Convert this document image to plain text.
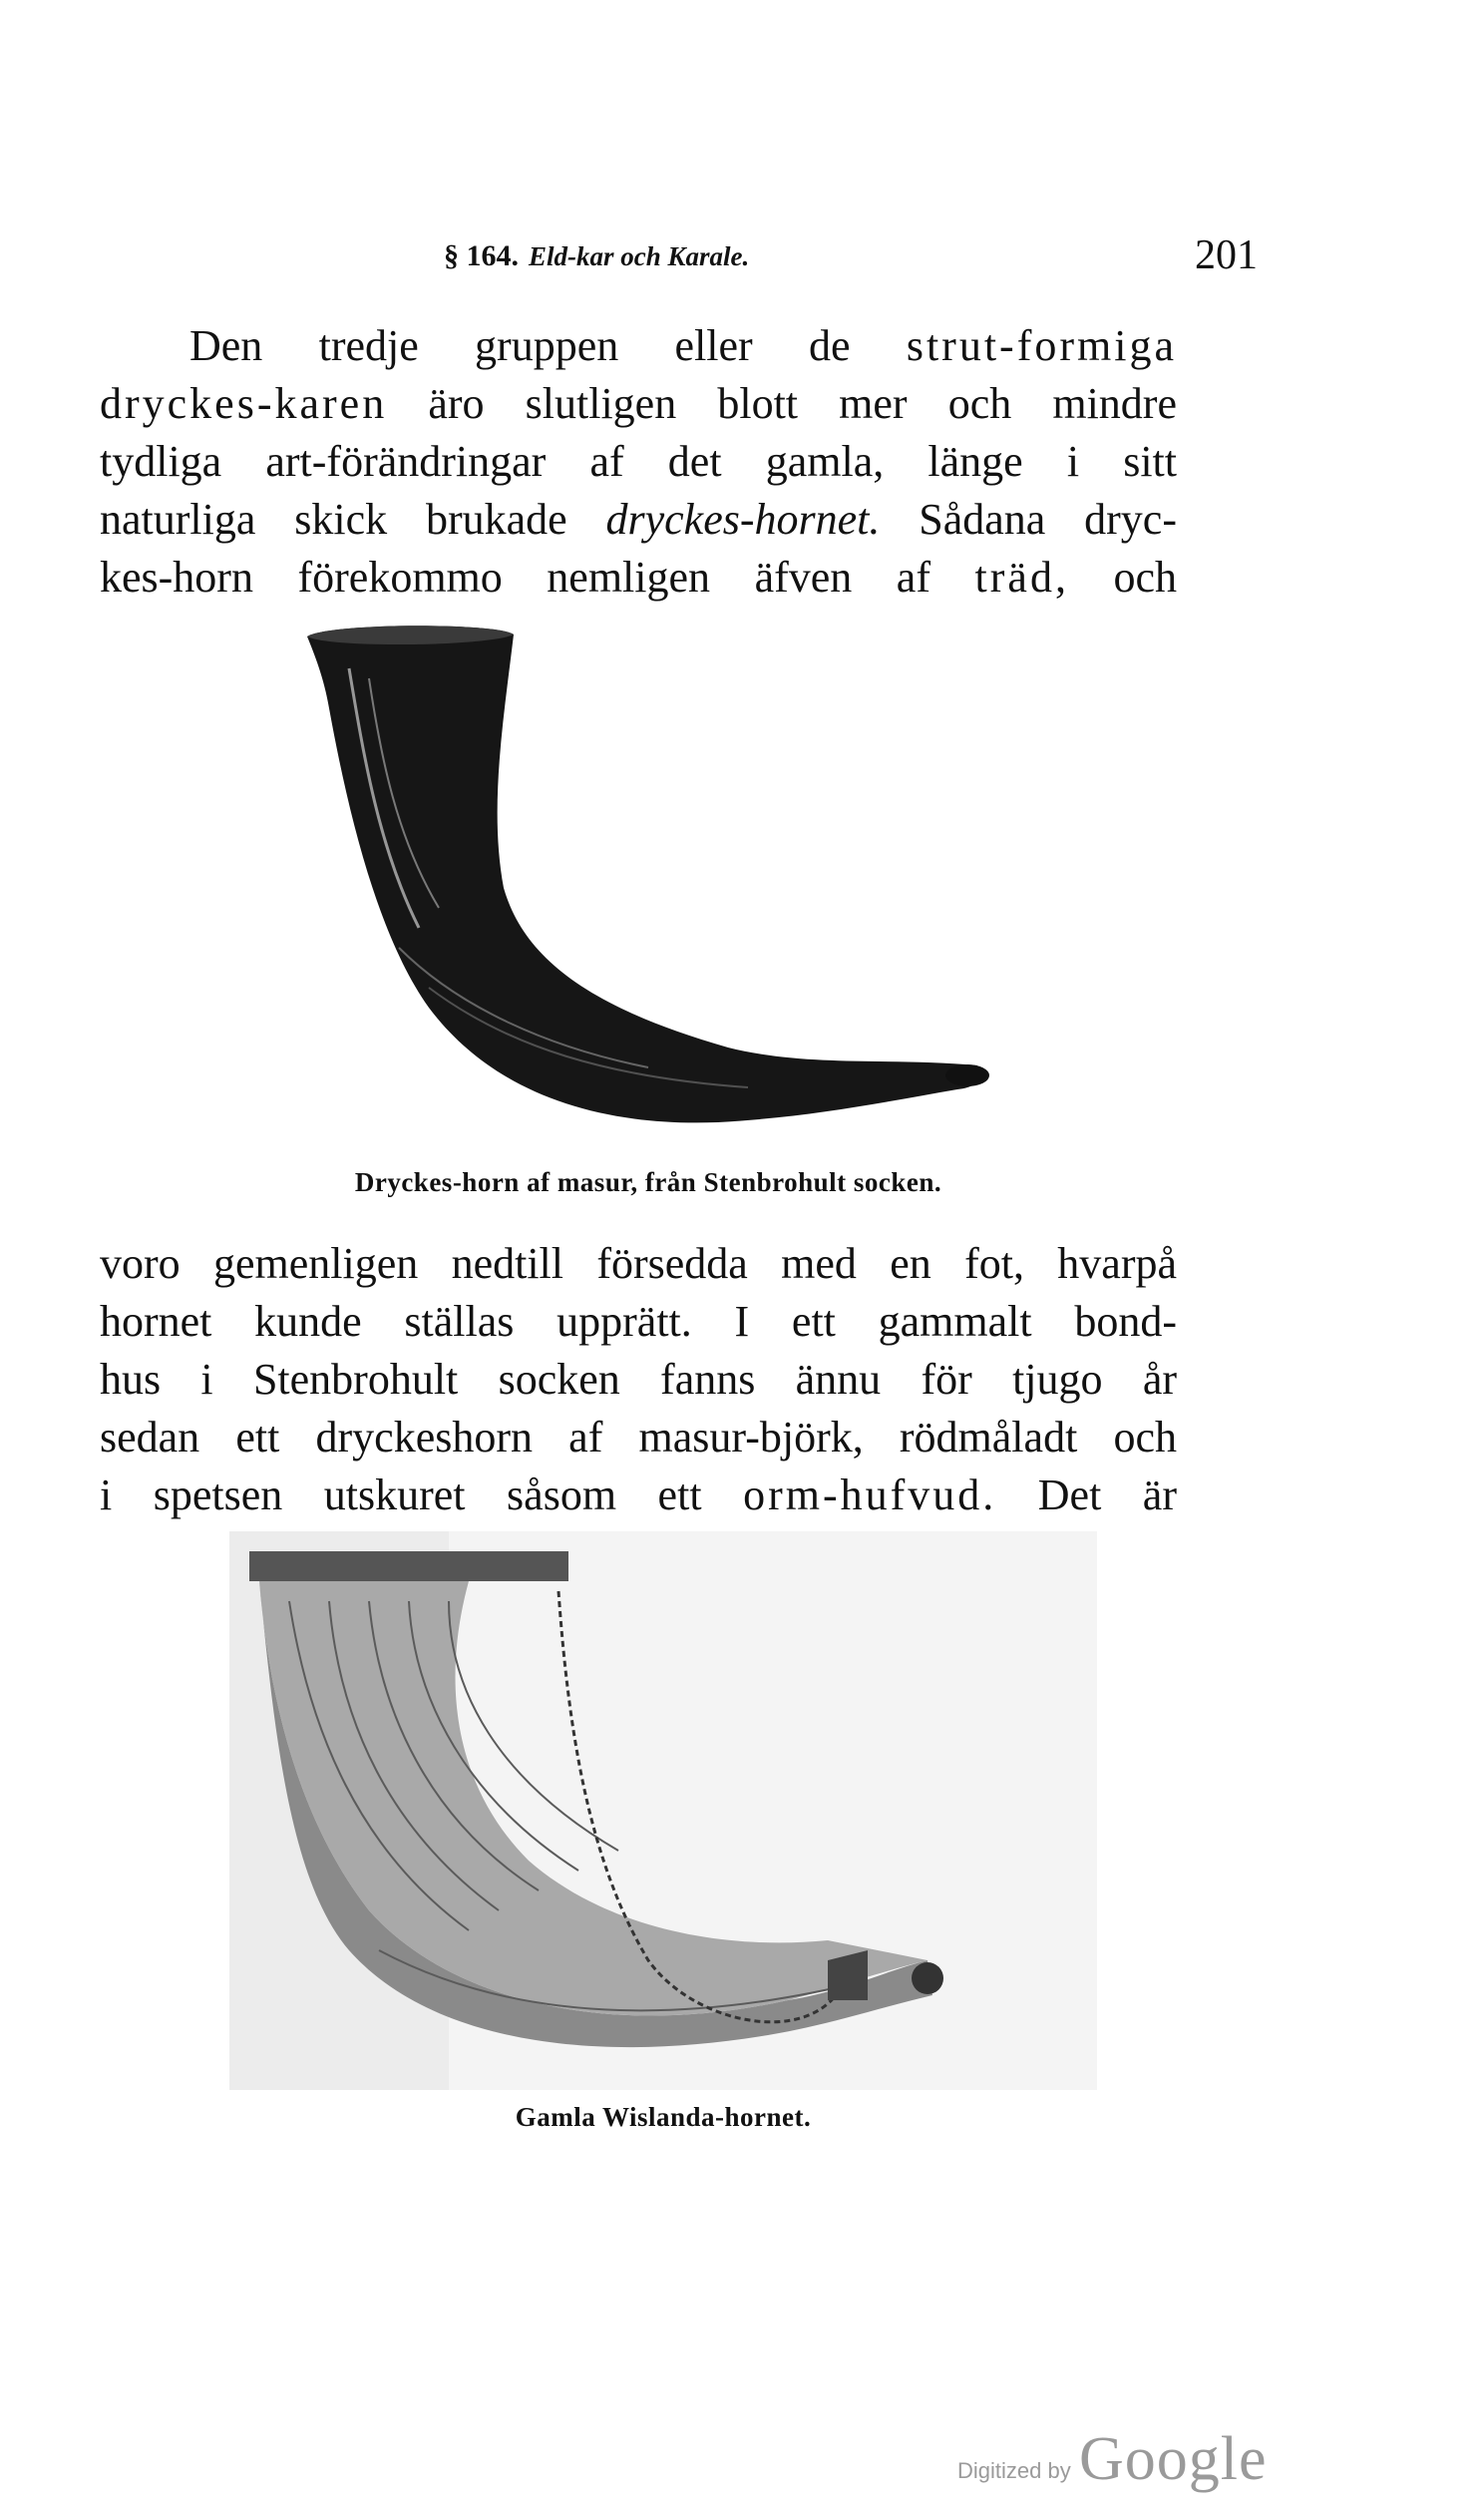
§ 164. Eld-kar och Karale.	201
Den tredje gruppen eller de strut-formiga
dryckes-karen äro slutligen blott mer och mindre
tydliga art-förändringar af det gamla, länge i sitt
naturliga skick brukade dryckes-hornet. Sådana dryc-
kes-horn förekommo nemligen äfven af träd, och
Dryckes-horn af masur, från Stenbrohult socken.
voro gemenligen nedtill försedda med en fot, hvarpå
hornet kunde ställas upprätt. I ett gammalt bond-
hus i Stenbrohult socken fanns ännu för tjugo år
sedan ett dryckeshorn af masur-björk, rödmåladt och
i spetsen utskuret såsom ett orm-hufvud. Det är
Gamla Wislanda-hornet.
Digitized by Google
